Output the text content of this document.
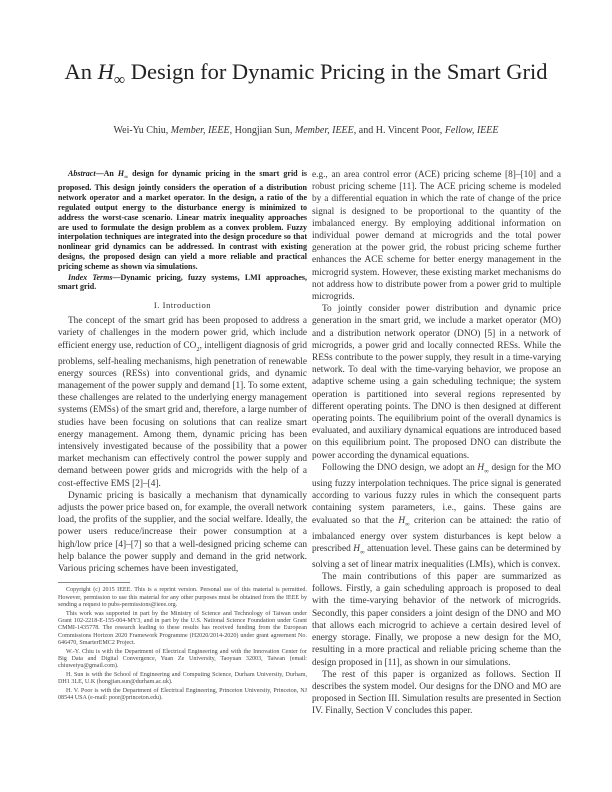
An $H_\infty$ Design for Dynamic Pricing in the Smart Grid
Wei-Yu Chiu, Member, IEEE, Hongjian Sun, Member, IEEE, and H. Vincent Poor, Fellow, IEEE

Abstract—An $H_\infty$ design for dynamic pricing in the smart grid is proposed. This design jointly considers the operation of a distribution network operator and a market operator. In the design, a ratio of the regulated output energy to the disturbance energy is minimized to address the worst-case scenario. Linear matrix inequality approaches are used to formulate the design problem as a convex problem. Fuzzy interpolation techniques are integrated into the design procedure so that nonlinear grid dynamics can be addressed. In contrast with existing designs, the proposed design can yield a more reliable and practical pricing scheme as shown via simulations.

Index Terms—Dynamic pricing, fuzzy systems, LMI approaches, smart grid.

I. Introduction

The concept of the smart grid has been proposed to address a variety of challenges in the modern power grid, which include efficient energy use, reduction of $CO_2$, intelligent diagnosis of grid problems, self-healing mechanisms, high penetration of renewable energy sources (RESs) into conventional grids, and dynamic management of the power supply and demand [1]. To some extent, these challenges are related to the underlying energy management systems (EMSs) of the smart grid and, therefore, a large number of studies have been focusing on solutions that can realize smart energy management. Among them, dynamic pricing has been intensively investigated because of the possibility that a power market mechanism can effectively control the power supply and demand between power grids and microgrids with the help of a cost-effective EMS [2]–[4].

Dynamic pricing is basically a mechanism that dynamically adjusts the power price based on, for example, the overall network load, the profits of the supplier, and the social welfare. Ideally, the power users reduce/increase their power consumption at a high/low price [4]–[7] so that a well-designed pricing scheme can help balance the power supply and demand in the grid network. Various pricing schemes have been investigated,

Copyright (c) 2015 IEEE. This is a reprint version. Personal use of this material is permitted. However, permission to use this material for any other purposes must be obtained from the IEEE by sending a request to pubs-permissions@ieee.org.

This work was supported in part by the Ministry of Science and Technology of Taiwan under Grant 102-2218-E-155-004-MY3, and in part by the U.S. National Science Foundation under Grant CMMI-1435778. The research leading to these results has received funding from the European Commissions Horizon 2020 Framework Programme (H2020/2014-2020) under grant agreement No. 646470, SmarterEMC2 Project.

W.-Y. Chiu is with the Department of Electrical Engineering and with the Innovation Center for Big Data and Digital Convergence, Yuan Ze University, Taoyuan 32003, Taiwan (email: chiuweiyu@gmail.com).

H. Sun is with the School of Engineering and Computing Science, Durham University, Durham, DH1 3LE, U.K (hongjian.sun@durham.ac.uk).

H. V. Poor is with the Department of Electrical Engineering, Princeton University, Princeton, NJ 08544 USA (e-mail: poor@princeton.edu).

e.g., an area control error (ACE) pricing scheme [8]–[10] and a robust pricing scheme [11]. The ACE pricing scheme is modeled by a differential equation in which the rate of change of the price signal is designed to be proportional to the quantity of the imbalanced energy. By employing additional information on individual power demand at microgrids and the total power generation at the power grid, the robust pricing scheme further enhances the ACE scheme for better energy management in the microgrid system. However, these existing market mechanisms do not address how to distribute power from a power grid to multiple microgrids.

To jointly consider power distribution and dynamic price generation in the smart grid, we include a market operator (MO) and a distribution network operator (DNO) [5] in a network of microgrids, a power grid and locally connected RESs. While the RESs contribute to the power supply, they result in a time-varying network. To deal with the time-varying behavior, we propose an adaptive scheme using a gain scheduling technique; the system operation is partitioned into several regions represented by different operating points. The DNO is then designed at different operating points. The equilibrium point of the overall dynamics is evaluated, and auxiliary dynamical equations are introduced based on this equilibrium point. The proposed DNO can distribute the power according the dynamical equations.

Following the DNO design, we adopt an $H_\infty$ design for the MO using fuzzy interpolation techniques. The price signal is generated according to various fuzzy rules in which the consequent parts containing system parameters, i.e., gains. These gains are evaluated so that the $H_\infty$ criterion can be attained: the ratio of imbalanced energy over system disturbances is kept below a prescribed $H_\infty$ attenuation level. These gains can be determined by solving a set of linear matrix inequalities (LMIs), which is convex.

The main contributions of this paper are summarized as follows. Firstly, a gain scheduling approach is proposed to deal with the time-varying behavior of the network of microgrids. Secondly, this paper considers a joint design of the DNO and MO that allows each microgrid to achieve a certain desired level of energy storage. Finally, we propose a new design for the MO, resulting in a more practical and reliable pricing scheme than the design proposed in [11], as shown in our simulations.

The rest of this paper is organized as follows. Section II describes the system model. Our designs for the DNO and MO are proposed in Section III. Simulation results are presented in Section IV. Finally, Section V concludes this paper.
